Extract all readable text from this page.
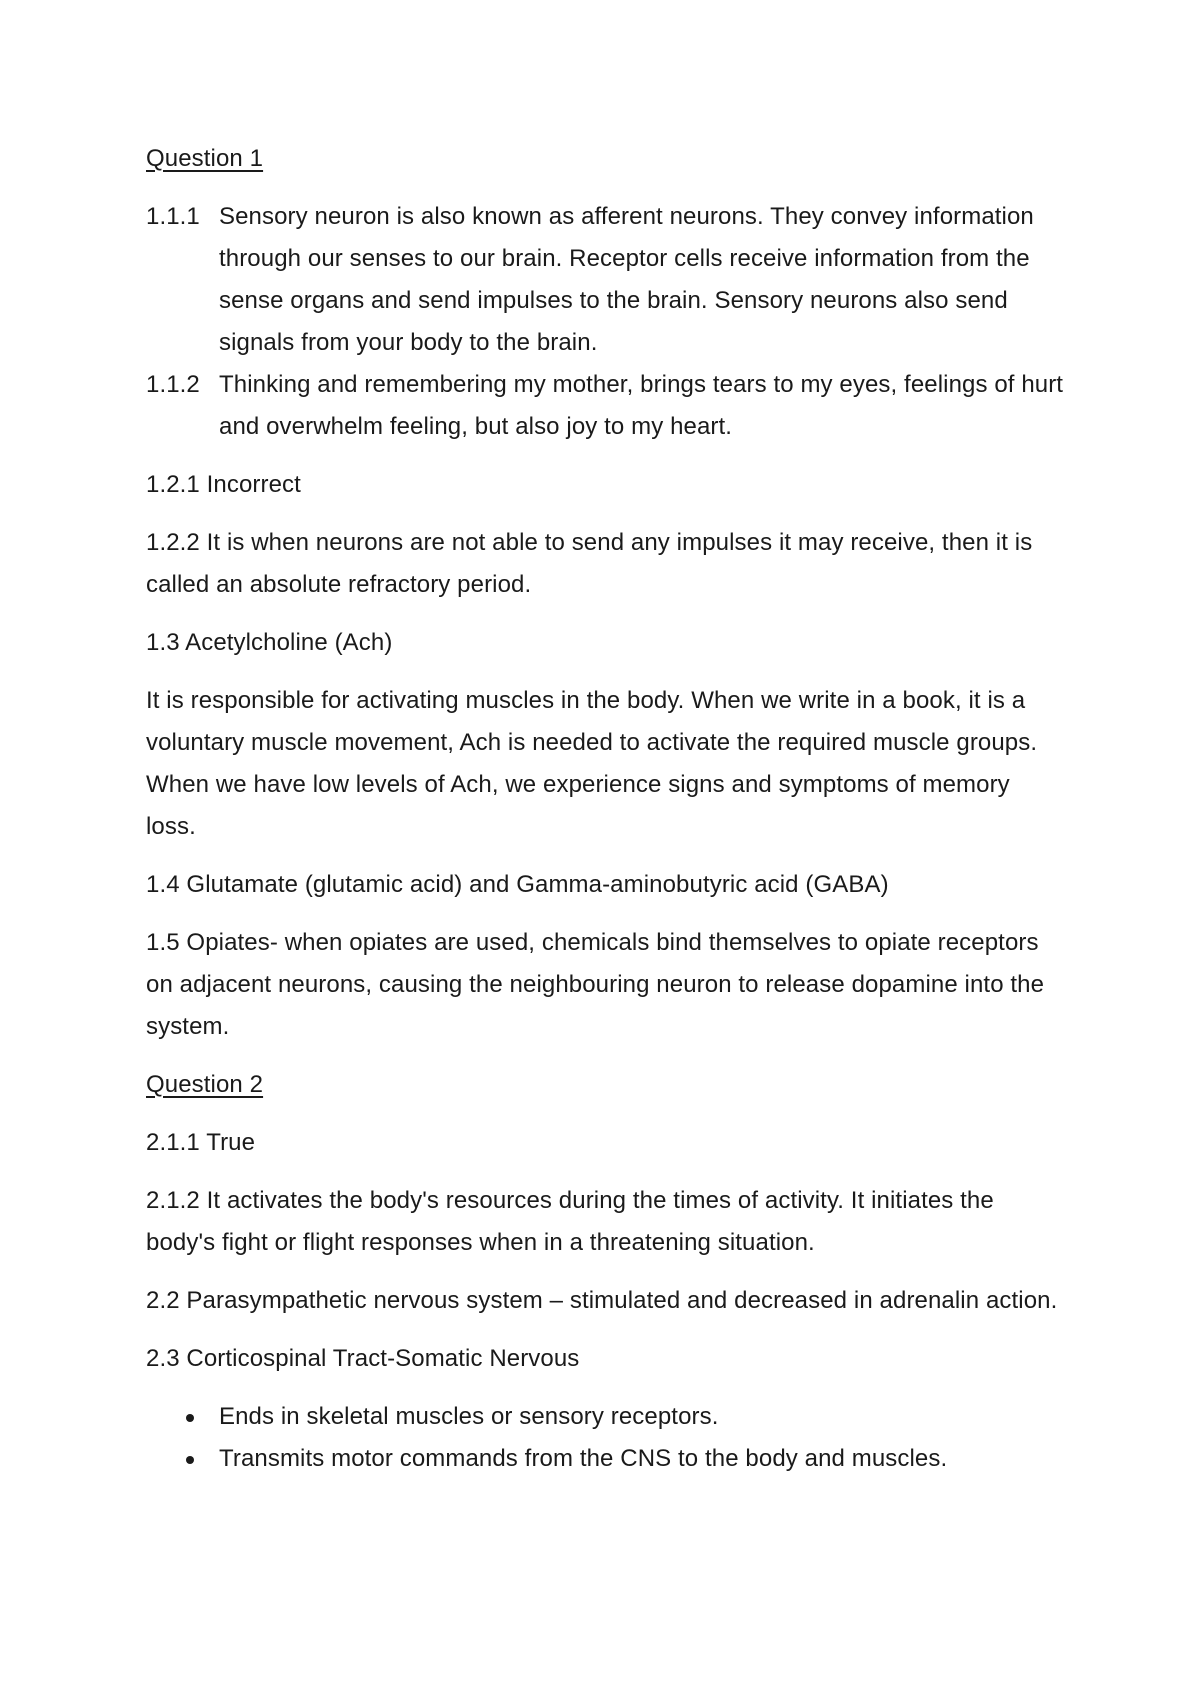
Question 1
1.1.1 Sensory neuron is also known as afferent neurons. They convey information through our senses to our brain. Receptor cells receive information from the sense organs and send impulses to the brain. Sensory neurons also send signals from your body to the brain.
1.1.2 Thinking and remembering my mother, brings tears to my eyes, feelings of hurt and overwhelm feeling, but also joy to my heart.

1.2.1 Incorrect

1.2.2 It is when neurons are not able to send any impulses it may receive, then it is called an absolute refractory period.

1.3 Acetylcholine (Ach)

It is responsible for activating muscles in the body. When we write in a book, it is a voluntary muscle movement, Ach is needed to activate the required muscle groups. When we have low levels of Ach, we experience signs and symptoms of memory loss.

1.4 Glutamate (glutamic acid) and Gamma-aminobutyric acid (GABA)

1.5 Opiates- when opiates are used, chemicals bind themselves to opiate receptors on adjacent neurons, causing the neighbouring neuron to release dopamine into the system.

Question 2

2.1.1 True

2.1.2 It activates the body's resources during the times of activity. It initiates the body's fight or flight responses when in a threatening situation.

2.2 Parasympathetic nervous system – stimulated and decreased in adrenalin action.

2.3 Corticospinal Tract-Somatic Nervous

Ends in skeletal muscles or sensory receptors.
Transmits motor commands from the CNS to the body and muscles.
